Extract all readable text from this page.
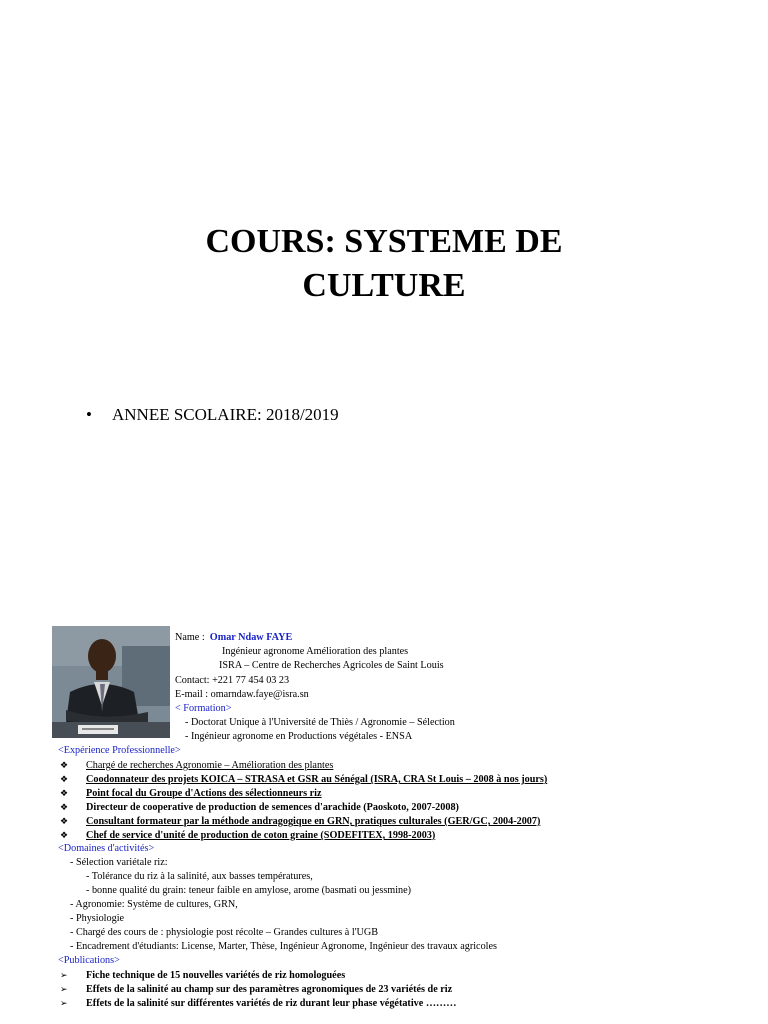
COURS: SYSTEME DE
CULTURE
• ANNEE SCOLAIRE: 2018/2019
Name : Omar Ndaw FAYE
Ingénieur agronome Amélioration des plantes
ISRA – Centre de Recherches Agricoles de Saint Louis
Contact: +221 77 454 03 23
E-mail : omarndaw.faye@isra.sn
< Formation>
- Doctorat Unique à l'Université de Thiès / Agronomie – Sélection
- Ingénieur agronome en Productions végétales - ENSA
<Expérience Professionnelle>
❖ Chargé de recherches Agronomie – Amélioration des plantes
❖ Coodonnateur des projets KOICA – STRASA et GSR au Sénégal (ISRA, CRA St Louis – 2008 à nos jours)
❖ Point focal du Groupe d'Actions des sélectionneurs riz
❖ Directeur de cooperative de production de semences d'arachide (Paoskoto, 2007-2008)
❖ Consultant formateur par la méthode andragogique en GRN, pratiques culturales (GER/GC, 2004-2007)
❖ Chef de service d'unité de production de coton graine (SODEFITEX, 1998-2003)
<Domaines d'activités>
- Sélection variétale riz:
- Tolérance du riz à la salinité, aux basses températures,
- bonne qualité du grain: teneur faible en amylose, arome (basmati ou jessmine)
- Agronomie: Système de cultures, GRN,
- Physiologie
- Chargé des cours de : physiologie post récolte – Grandes cultures à l'UGB
- Encadrement d'étudiants: License, Marter, Thèse, Ingénieur Agronome, Ingénieur des travaux agricoles
<Publications>
➢ Fiche technique de 15 nouvelles variétés de riz homologuées
➢ Effets de la salinité au champ sur des paramètres agronomiques de 23 variétés de riz
➢ Effets de la salinité sur différentes variétés de riz durant leur phase végétative ………
